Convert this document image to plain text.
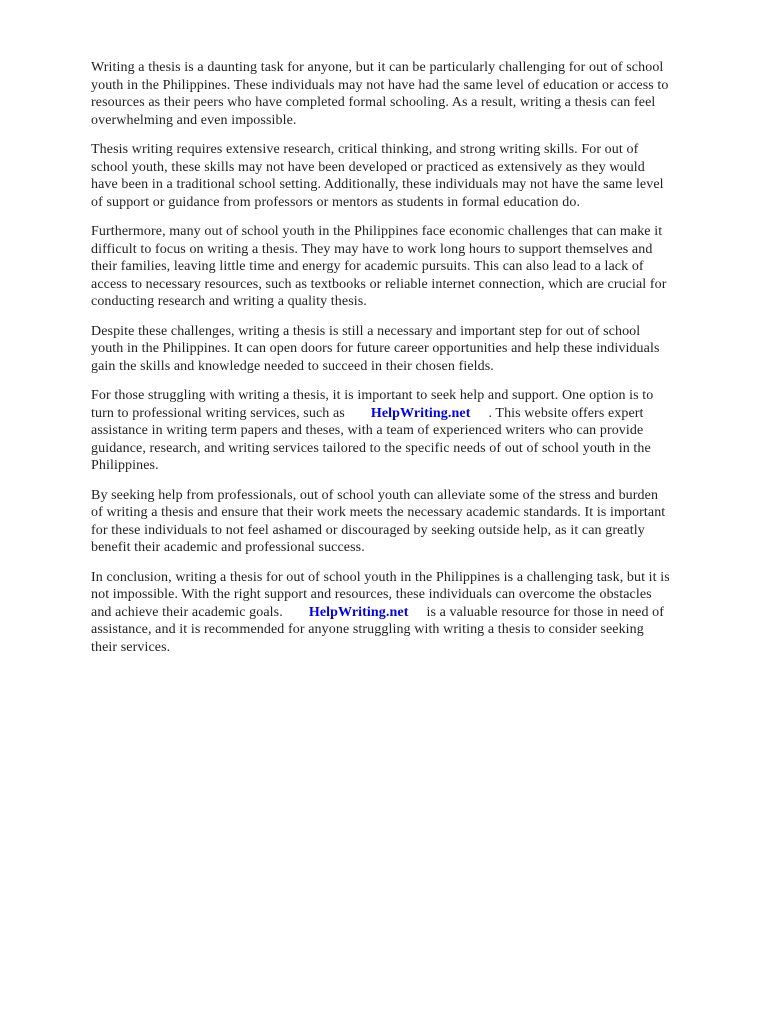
Writing a thesis is a daunting task for anyone, but it can be particularly challenging for out of school
youth in the Philippines. These individuals may not have had the same level of education or access to
resources as their peers who have completed formal schooling. As a result, writing a thesis can feel
overwhelming and even impossible.

Thesis writing requires extensive research, critical thinking, and strong writing skills. For out of
school youth, these skills may not have been developed or practiced as extensively as they would
have been in a traditional school setting. Additionally, these individuals may not have the same level
of support or guidance from professors or mentors as students in formal education do.

Furthermore, many out of school youth in the Philippines face economic challenges that can make it
difficult to focus on writing a thesis. They may have to work long hours to support themselves and
their families, leaving little time and energy for academic pursuits. This can also lead to a lack of
access to necessary resources, such as textbooks or reliable internet connection, which are crucial for
conducting research and writing a quality thesis.

Despite these challenges, writing a thesis is still a necessary and important step for out of school
youth in the Philippines. It can open doors for future career opportunities and help these individuals
gain the skills and knowledge needed to succeed in their chosen fields.

For those struggling with writing a thesis, it is important to seek help and support. One option is to
turn to professional writing services, such as HelpWriting.net . This website offers expert
assistance in writing term papers and theses, with a team of experienced writers who can provide
guidance, research, and writing services tailored to the specific needs of out of school youth in the
Philippines.

By seeking help from professionals, out of school youth can alleviate some of the stress and burden
of writing a thesis and ensure that their work meets the necessary academic standards. It is important
for these individuals to not feel ashamed or discouraged by seeking outside help, as it can greatly
benefit their academic and professional success.

In conclusion, writing a thesis for out of school youth in the Philippines is a challenging task, but it is
not impossible. With the right support and resources, these individuals can overcome the obstacles
and achieve their academic goals. HelpWriting.net is a valuable resource for those in need of
assistance, and it is recommended for anyone struggling with writing a thesis to consider seeking
their services.
